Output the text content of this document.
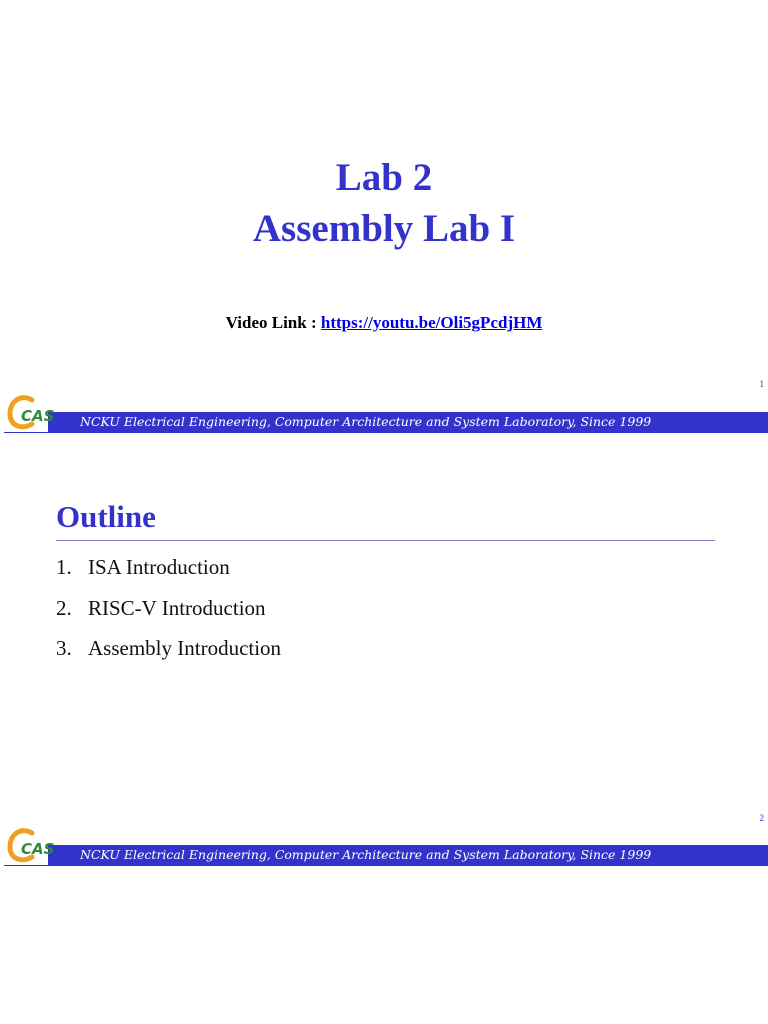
Lab 2
Assembly Lab I
Video Link : https://youtu.be/Oli5gPcdjHM
1
CAS NCKU Electrical Engineering, Computer Architecture and System Laboratory, Since 1999
Outline
1. ISA Introduction
2. RISC-V Introduction
3. Assembly Introduction
2
CAS NCKU Electrical Engineering, Computer Architecture and System Laboratory, Since 1999
